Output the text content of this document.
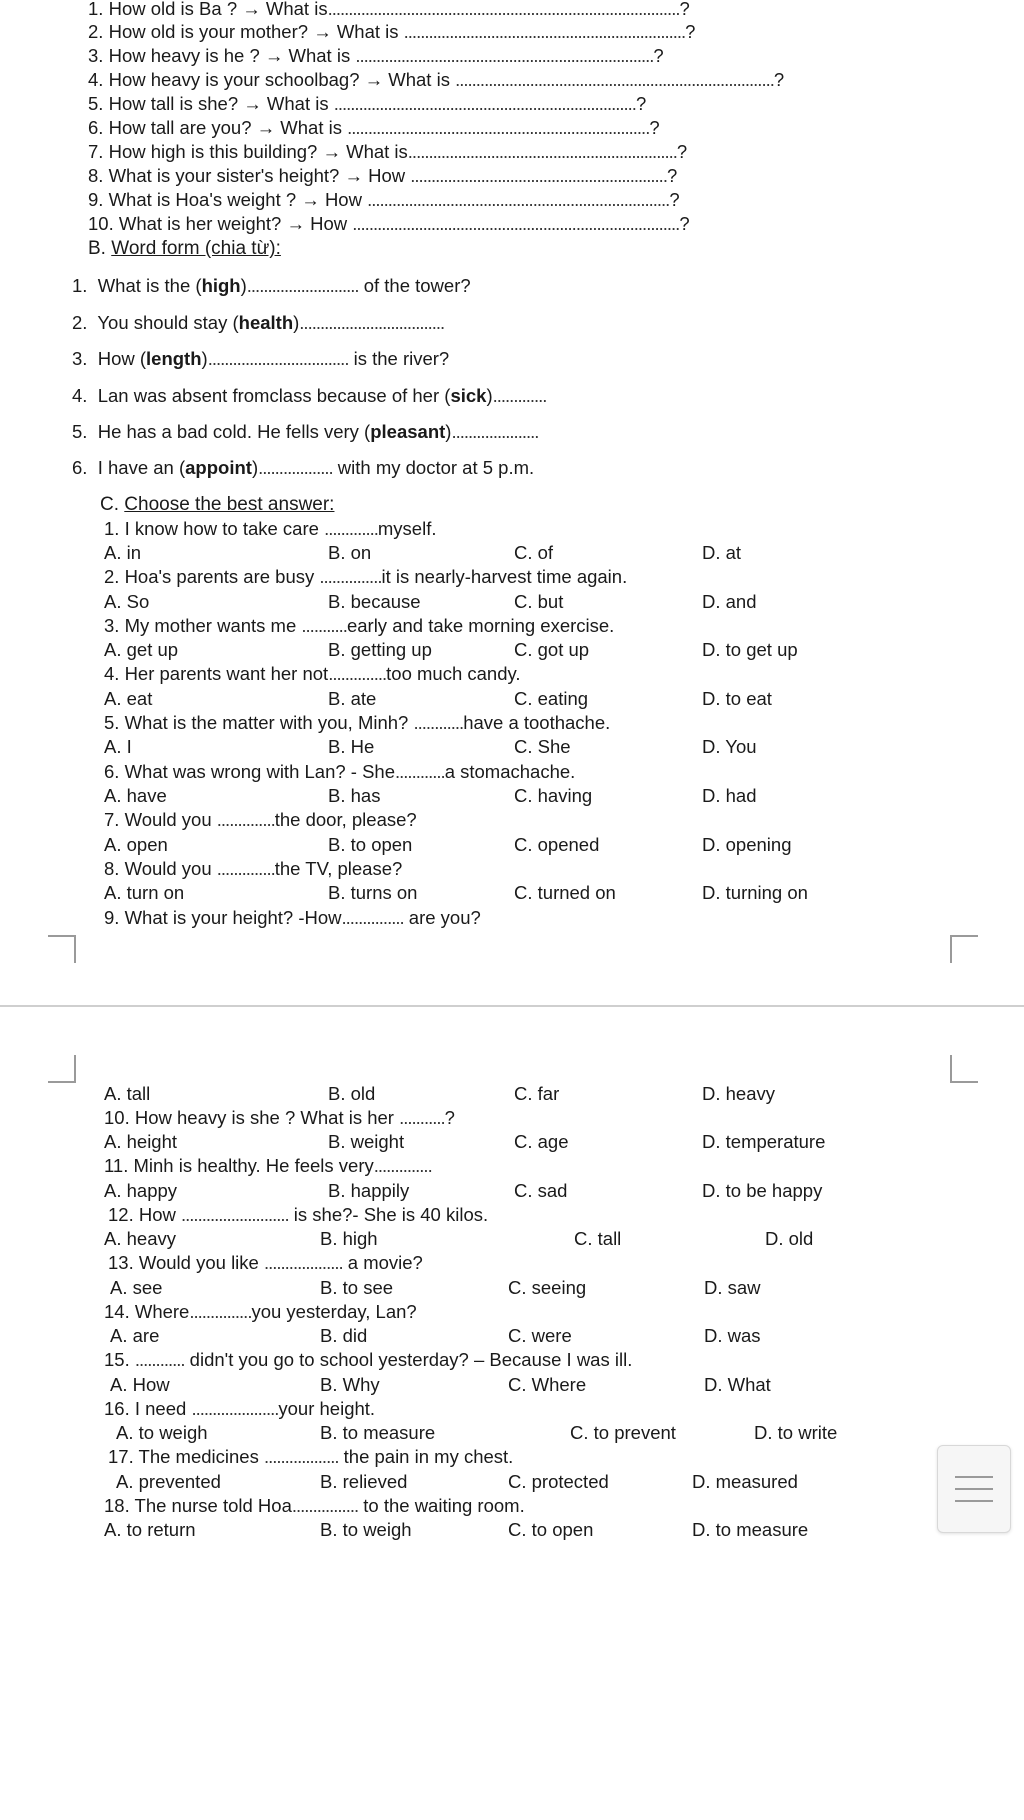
1. How old is Ba ? → What is.....................................................................................?
2. How old is your mother? → What is ....................................................................?
3. How heavy is he ? → What is ........................................................................?
4. How heavy is your schoolbag? → What is .............................................................................?
5. How tall is she? → What is .........................................................................?
6. How tall are you? → What is .........................................................................?
7. How high is this building? → What is.................................................................?
8. What is your sister's height? → How ..............................................................?
9. What is Hoa's weight ? → How .........................................................................?
10. What is her weight? → How ...............................................................................?
B. Word form (chia từ):
1. What is the (high)........................... of the tower?
2. You should stay (health)...................................
3. How (length).................................. is the river?
4. Lan was absent fromclass because of her (sick).............
5. He has a bad cold. He fells very (pleasant).....................
6. I have an (appoint).................. with my doctor at 5 p.m.
C. Choose the best answer:
1. I know how to take care .............myself.
A. in	B. on	C. of	D. at
2. Hoa's parents are busy ...............it is nearly-harvest time again.
A. So	B. because	C. but	D. and
3. My mother wants me ...........early and take morning exercise.
A. get up	B. getting up	C. got up	D. to get up
4. Her parents want her not..............too much candy.
A. eat	B. ate	C. eating	D. to eat
5. What is the matter with you, Minh? ............have a toothache.
A. I	B. He	C. She	D. You
6. What was wrong with Lan? - She............a stomachache.
A. have	B. has	C. having	D. had
7. Would you ..............the door, please?
A. open	B. to open	C. opened	D. opening
8. Would you ..............the TV, please?
A. turn on	B. turns on	C. turned on	D. turning on
9. What is your height? -How............... are you?
A. tall	B. old	C. far	D. heavy
10. How heavy is she ? What is her ...........?
A. height	B. weight	C. age	D. temperature
11. Minh is healthy. He feels very..............
A. happy	B. happily	C. sad	D. to be happy
12. How .......................... is she?- She is 40 kilos.
A. heavy	B. high	C. tall	D. old
13. Would you like ................... a movie?
A. see	B. to see	C. seeing	D. saw
14. Where...............you yesterday, Lan?
A. are	B. did	C. were	D. was
15. ............ didn't you go to school yesterday? – Because I was ill.
A. How	B. Why	C. Where	D. What
16. I need .....................your height.
A. to weigh	B. to measure	C. to prevent	D. to write
17. The medicines .................. the pain in my chest.
A. prevented	B. relieved	C. protected	D. measured
18. The nurse told Hoa................ to the waiting room.
A. to return	B. to weigh	C. to open	D. to measure
